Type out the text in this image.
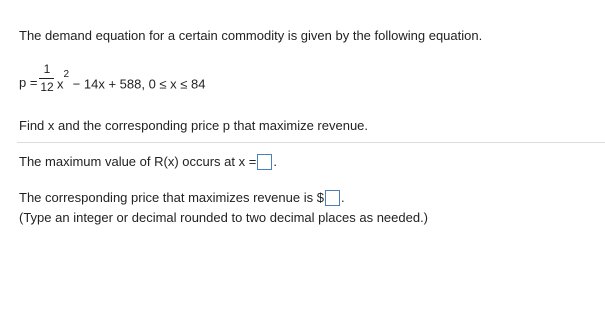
The demand equation for a certain commodity is given by the following equation.
p =
1
12 $x^2 - 14x + 588$, 0 ≤ x ≤ 84
Find x and the corresponding price p that maximize revenue.
The maximum value of R(x) occurs at x = .
The corresponding price that maximizes revenue is $ .
(Type an integer or decimal rounded to two decimal places as needed.)
